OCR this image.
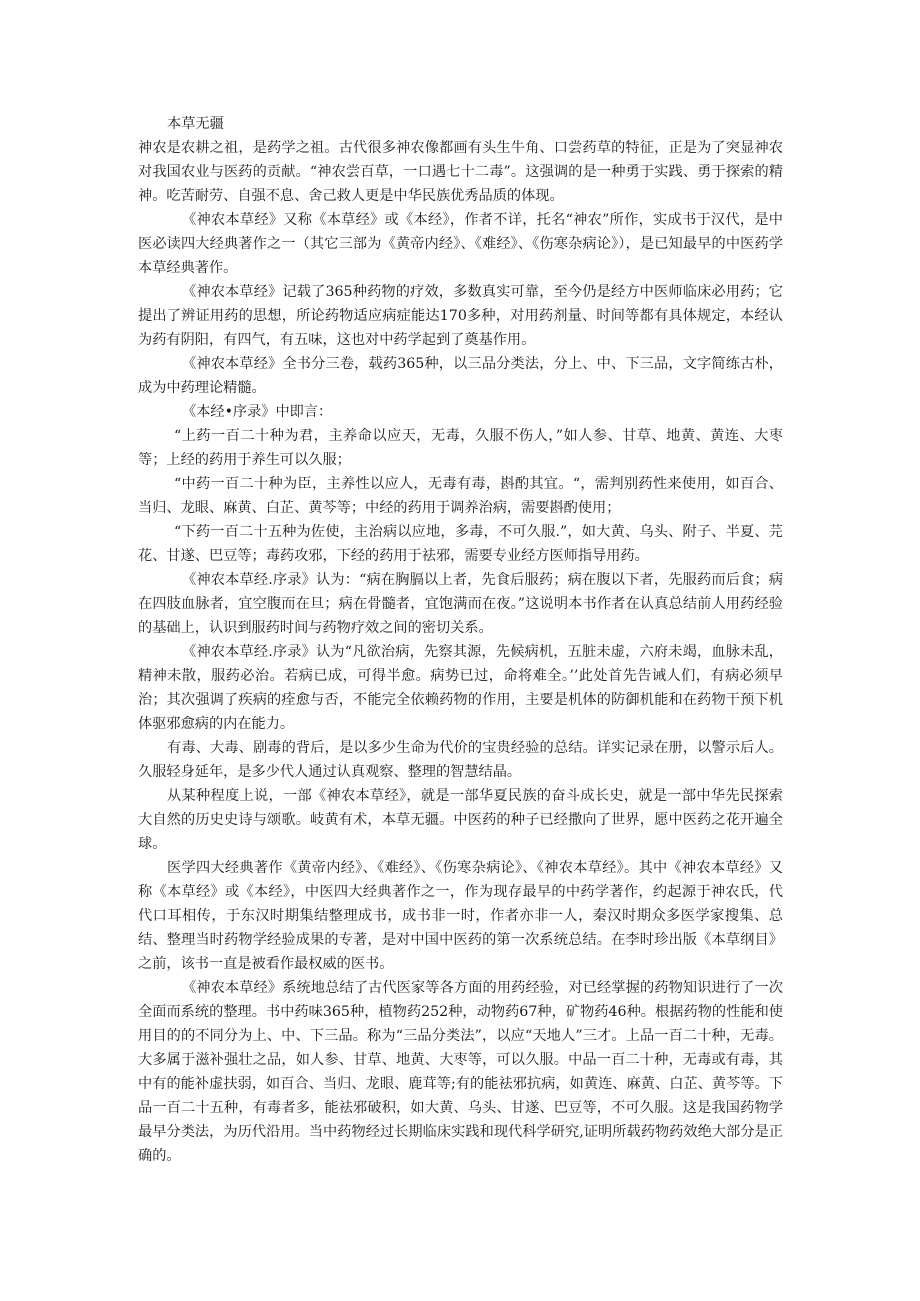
本草无疆

神农是农耕之祖，是药学之祖。古代很多神农像都画有头生牛角、口尝药草的特征，正是为了突显神农对我国农业与医药的贡献。“神农尝百草，一口遇七十二毒”。这强调的是一种勇于实践、勇于探索的精神。吃苦耐劳、自强不息、舍己救人更是中华民族优秀品质的体现。

《神农本草经》又称《本草经》或《本经》，作者不详，托名“神农”所作，实成书于汉代，是中医必读四大经典著作之一（其它三部为《黄帝内经》、《难经》、《伤寒杂病论》），是已知最早的中医药学本草经典著作。

《神农本草经》记载了365种药物的疗效，多数真实可靠，至今仍是经方中医师临床必用药；它提出了辨证用药的思想，所论药物适应病症能达170多种，对用药剂量、时间等都有具体规定，本经认为药有阴阳，有四气，有五味，这也对中药学起到了奠基作用。

《神农本草经》全书分三卷，载药365种，以三品分类法，分上、中、下三品，文字简练古朴，成为中药理论精髓。

《本经•序录》中即言：

“上药一百二十种为君，主养命以应天，无毒，久服不伤人，”如人参、甘草、地黄、黄连、大枣等；上经的药用于养生可以久服；

“中药一百二十种为臣，主养性以应人，无毒有毒，斟酌其宜。“，需判别药性来使用，如百合、当归、龙眼、麻黄、白芷、黄芩等；中经的药用于调养治病，需要斟酌使用；

“下药一百二十五种为佐使，主治病以应地，多毒，不可久服.”，如大黄、乌头、附子、半夏、芫花、甘遂、巴豆等；毒药攻邪，下经的药用于祛邪，需要专业经方医师指导用药。

《神农本草经.序录》认为：“病在胸膈以上者，先食后服药；病在腹以下者，先服药而后食；病在四肢血脉者，宜空腹而在旦；病在骨髓者，宜饱满而在夜。”这说明本书作者在认真总结前人用药经验的基础上，认识到服药时间与药物疗效之间的密切关系。

《神农本草经.序录》认为“凡欲治病，先察其源，先候病机，五脏未虚，六府未竭，血脉未乱，精神未散，服药必治。若病已成，可得半愈。病势已过，命将难全。’’此处首先告诫人们，有病必须早治；其次强调了疾病的痊愈与否，不能完全依赖药物的作用，主要是机体的防御机能和在药物干预下机体驱邪愈病的内在能力。

有毒、大毒、剧毒的背后，是以多少生命为代价的宝贵经验的总结。详实记录在册，以警示后人。久服轻身延年，是多少代人通过认真观察、整理的智慧结晶。

从某种程度上说，一部《神农本草经》，就是一部华夏民族的奋斗成长史，就是一部中华先民探索大自然的历史史诗与颂歌。岐黄有术，本草无疆。中医药的种子已经撒向了世界，愿中医药之花开遍全球。

医学四大经典著作《黄帝内经》、《难经》、《伤寒杂病论》、《神农本草经》。其中《神农本草经》又称《本草经》或《本经》，中医四大经典著作之一，作为现存最早的中药学著作，约起源于神农氏，代代口耳相传，于东汉时期集结整理成书，成书非一时，作者亦非一人，秦汉时期众多医学家搜集、总结、整理当时药物学经验成果的专著，是对中国中医药的第一次系统总结。在李时珍出版《本草纲目》之前，该书一直是被看作最权威的医书。

《神农本草经》系统地总结了古代医家等各方面的用药经验，对已经掌握的药物知识进行了一次全面而系统的整理。书中药味365种，植物药252种，动物药67种，矿物药46种。根据药物的性能和使用目的的不同分为上、中、下三品。称为“三品分类法”，以应“天地人”三才。上品一百二十种，无毒。大多属于滋补强壮之品，如人参、甘草、地黄、大枣等，可以久服。中品一百二十种，无毒或有毒，其中有的能补虚扶弱，如百合、当归、龙眼、鹿茸等;有的能祛邪抗病，如黄连、麻黄、白芷、黄芩等。下品一百二十五种，有毒者多，能祛邪破积，如大黄、乌头、甘遂、巴豆等，不可久服。这是我国药物学最早分类法，为历代沿用。当中药物经过长期临床实践和现代科学研究,证明所载药物药效绝大部分是正确的。
